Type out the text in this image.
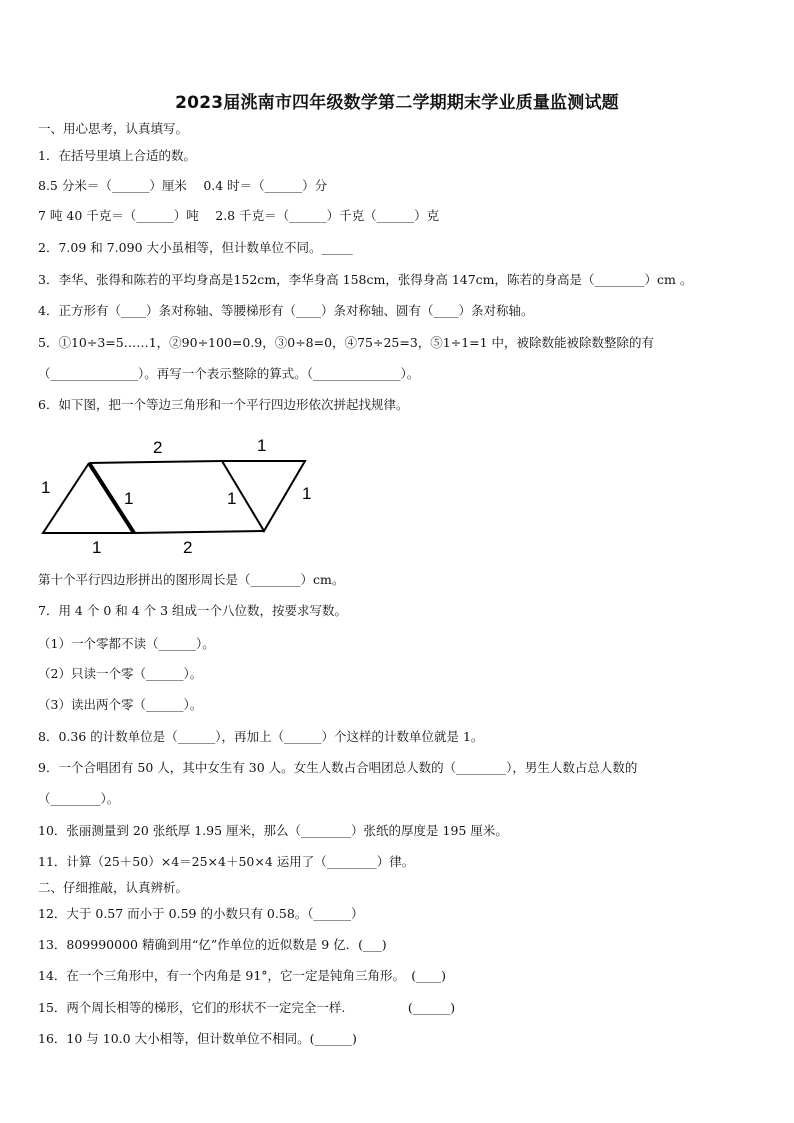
2023届洮南市四年级数学第二学期期末学业质量监测试题
一、用心思考，认真填写。
1．在括号里填上合适的数。
8.5 分米＝（______）厘米　 0.4 时＝（______）分
7 吨 40 千克＝（______）吨　 2.8 千克＝（______）千克（______）克
2．7.09 和 7.090 大小虽相等，但计数单位不同。_____
3．李华、张得和陈若的平均身高是152cm，李华身高 158cm，张得身高 147cm，陈若的身高是（________）cm 。
4．正方形有（____）条对称轴、等腰梯形有（____）条对称轴、圆有（____）条对称轴。
5．①10÷3=5……1，②90÷100=0.9，③0÷8=0，④75÷25=3，⑤1÷1=1 中，被除数能被除数整除的有
（______________）。再写一个表示整除的算式。（______________）。
6．如下图，把一个等边三角形和一个平行四边形依次拼起找规律。
2	1
1
1	1	1
1	2
第十个平行四边形拼出的图形周长是（________）cm。
7．用 4 个 0 和 4 个 3 组成一个八位数，按要求写数。
（1）一个零都不读（______）。
（2）只读一个零（______）。
（3）读出两个零（______）。
8．0.36 的计数单位是（______），再加上（______）个这样的计数单位就是 1。
9．一个合唱团有 50 人，其中女生有 30 人。女生人数占合唱团总人数的（________），男生人数占总人数的
（________）。
10．张丽测量到 20 张纸厚 1.95 厘米，那么（________）张纸的厚度是 195 厘米。
11．计算（25＋50）×4＝25×4＋50×4 运用了（________）律。
二、仔细推敲，认真辨析。
12．大于 0.57 而小于 0.59 的小数只有 0.58。（______）
13．809990000 精确到用“亿”作单位的近似数是 9 亿．(___)
14．在一个三角形中，有一个内角是 91°，它一定是钝角三角形。　(____)
15．两个周长相等的梯形，它们的形状不一定完全一样.　　　　　(______)
16．10 与 10.0 大小相等，但计数单位不相同。(______)
